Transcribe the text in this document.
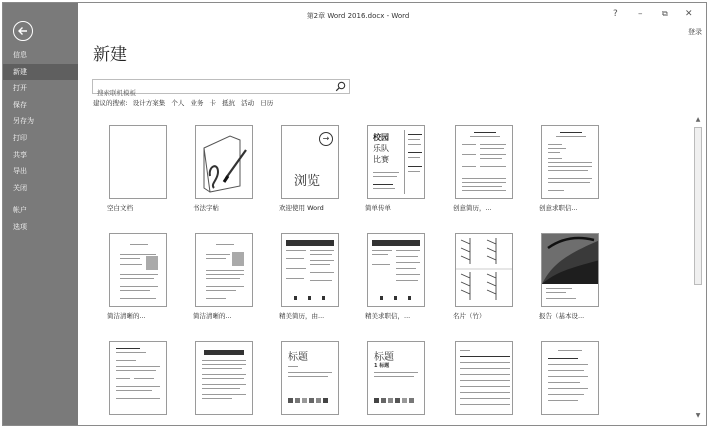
信息
新建
打开
保存
另存为
打印
共享
导出
关闭
帐户
选项
第2章 Word 2016.docx - Word	? – ⧉ ✕
登录
新建
搜索联机模板
建议的搜索: 设计方案集 个人 业务 卡 抵抗 活动 日历
空白文档	书法字帖
→
浏览
欢迎使用 Word
校园
乐队
比赛
简单传单	创意简历，...	创意求职信...
简洁清晰的...	简洁清晰的...	精美简历，由...	精美求职信，...	名片（竹）	报告（基本设...
标题	标题
1 标题
▲
▼
